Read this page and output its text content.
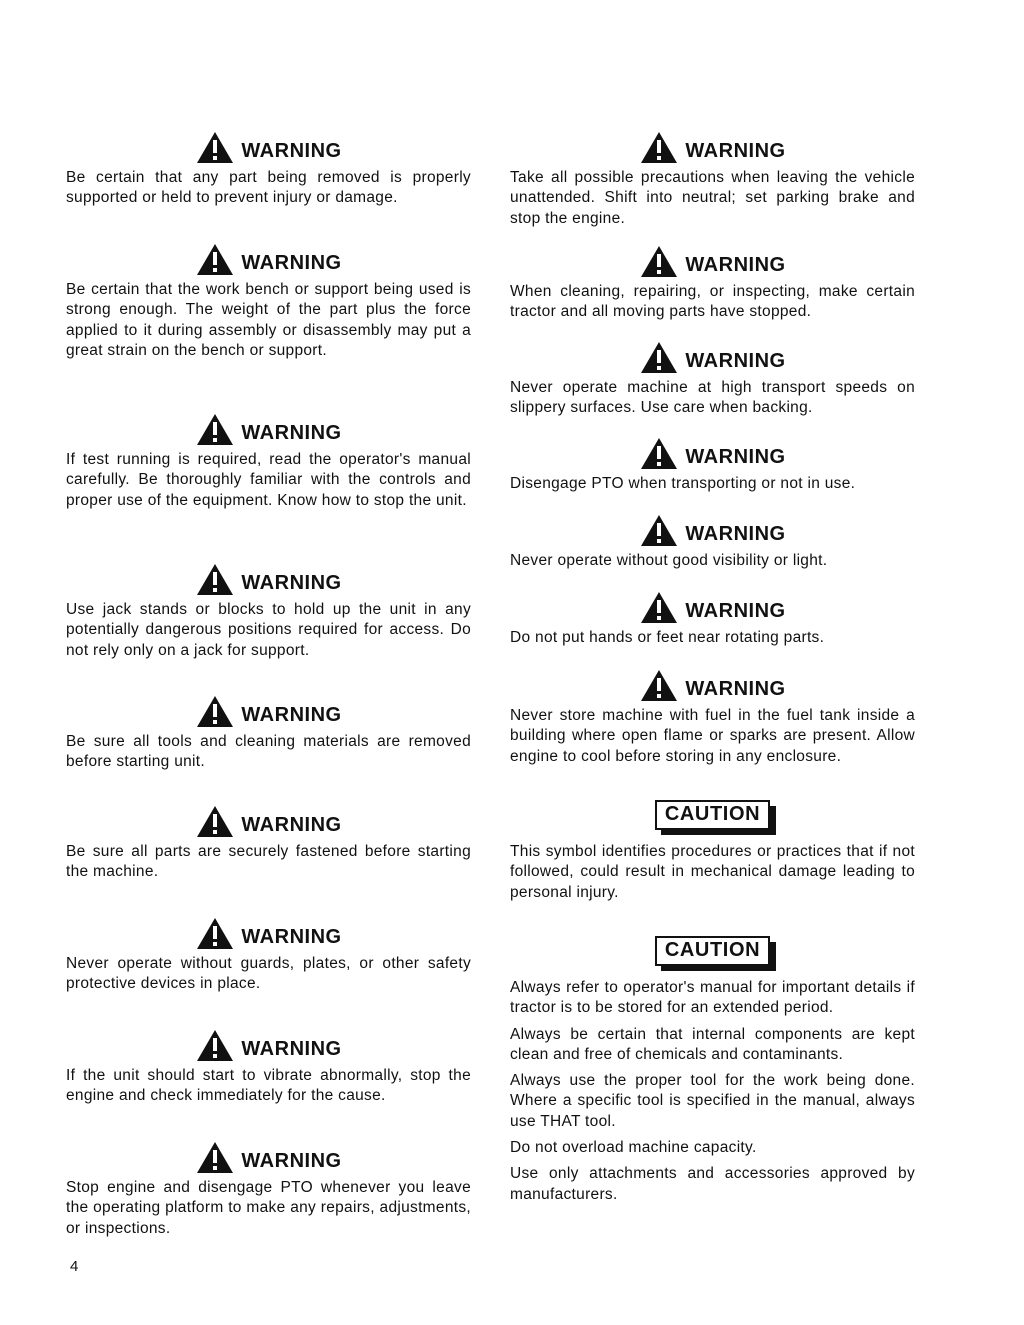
WARNING
Be certain that any part being removed is properly supported or held to prevent injury or damage.
WARNING
Be certain that the work bench or support being used is strong enough. The weight of the part plus the force applied to it during assembly or disassembly may put a great strain on the bench or support.
WARNING
If test running is required, read the operator's manual carefully. Be thoroughly familiar with the controls and proper use of the equipment. Know how to stop the unit.
WARNING
Use jack stands or blocks to hold up the unit in any potentially dangerous positions required for access. Do not rely only on a jack for support.
WARNING
Be sure all tools and cleaning materials are removed before starting unit.
WARNING
Be sure all parts are securely fastened before starting the machine.
WARNING
Never operate without guards, plates, or other safety protective devices in place.
WARNING
If the unit should start to vibrate abnormally, stop the engine and check immediately for the cause.
WARNING
Stop engine and disengage PTO whenever you leave the operating platform to make any repairs, adjustments, or inspections.
WARNING
Take all possible precautions when leaving the vehicle unattended. Shift into neutral; set parking brake and stop the engine.
WARNING
When cleaning, repairing, or inspecting, make certain tractor and all moving parts have stopped.
WARNING
Never operate machine at high transport speeds on slippery surfaces. Use care when backing.
WARNING
Disengage PTO when transporting or not in use.
WARNING
Never operate without good visibility or light.
WARNING
Do not put hands or feet near rotating parts.
WARNING
Never store machine with fuel in the fuel tank inside a building where open flame or sparks are present. Allow engine to cool before storing in any enclosure.
CAUTION
This symbol identifies procedures or practices that if not followed, could result in mechanical damage leading to personal injury.
CAUTION

Always refer to operator's manual for important details if tractor is to be stored for an extended period.

Always be certain that internal components are kept clean and free of chemicals and contaminants.

Always use the proper tool for the work being done. Where a specific tool is specified in the manual, always use THAT tool.

Do not overload machine capacity.

Use only attachments and accessories approved by manufacturers.

4
